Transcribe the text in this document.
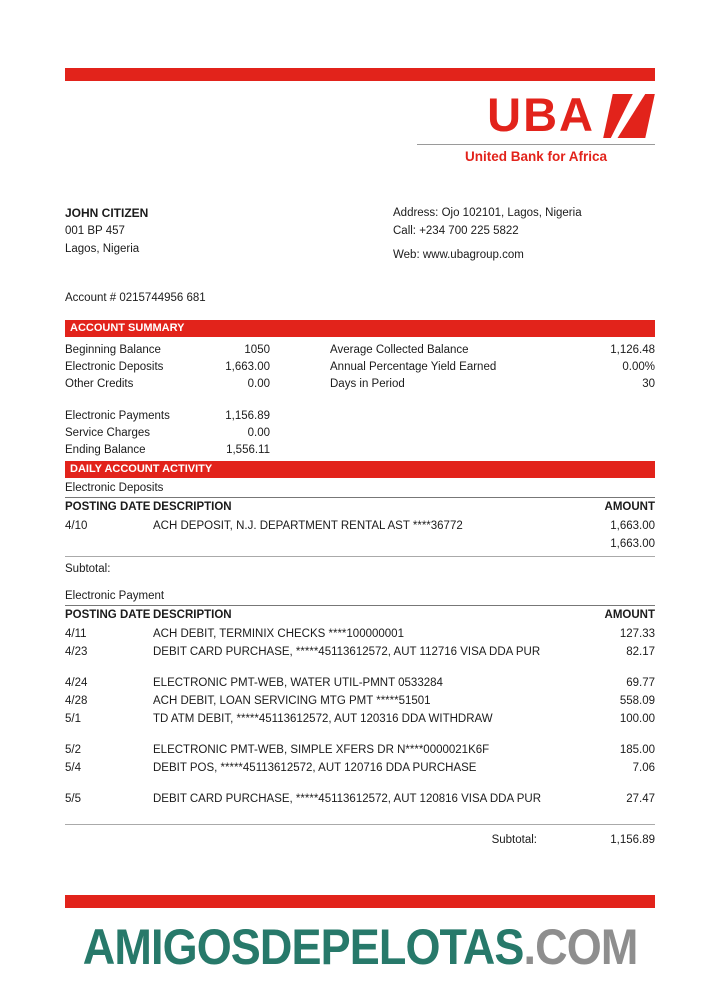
UBA
United Bank for Africa
JOHN CITIZEN
001 BP 457
Lagos, Nigeria
Address: Ojo 102101, Lagos, Nigeria
Call: +234 700 225 5822
Web: www.ubagroup.com
Account # 0215744956 681
ACCOUNT SUMMARY
Beginning Balance	1050	Average Collected Balance	1,126.48
Electronic Deposits	1,663.00	Annual Percentage Yield Earned	0.00%
Other Credits	0.00	Days in Period	30
Electronic Payments	1,156.89
Service Charges	0.00
Ending Balance	1,556.11
DAILY ACCOUNT ACTIVITY
Electronic Deposits
POSTING DATE DESCRIPTION	AMOUNT
4/10	ACH DEPOSIT, N.J. DEPARTMENT RENTAL AST ****36772	1,663.00
1,663.00
Subtotal:
Electronic Payment
POSTING DATE DESCRIPTION	AMOUNT
4/11	ACH DEBIT, TERMINIX CHECKS ****100000001	127.33
4/23	DEBIT CARD PURCHASE, *****45113612572, AUT 112716 VISA DDA PUR	82.17
4/24	ELECTRONIC PMT-WEB, WATER UTIL-PMNT 0533284	69.77
4/28	ACH DEBIT, LOAN SERVICING MTG PMT *****51501	558.09
5/1	TD ATM DEBIT, *****45113612572, AUT 120316 DDA WITHDRAW	100.00
5/2	ELECTRONIC PMT-WEB, SIMPLE XFERS DR N****0000021K6F	185.00
5/4	DEBIT POS, *****45113612572, AUT 120716 DDA PURCHASE	7.06
5/5	DEBIT CARD PURCHASE, *****45113612572, AUT 120816 VISA DDA PUR	27.47
Subtotal:	1,156.89
AMIGOSDEPELOTAS.COM
